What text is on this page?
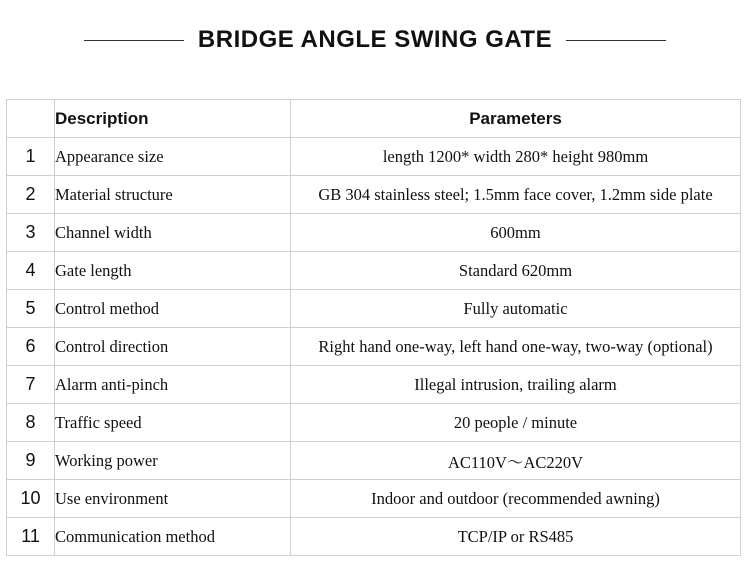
BRIDGE ANGLE SWING GATE
	Description	Parameters
1	Appearance size	length 1200* width 280* height 980mm
2	Material structure	GB 304 stainless steel; 1.5mm face cover, 1.2mm side plate
3	Channel width	600mm
4	Gate length	Standard 620mm
5	Control method	Fully automatic
6	Control direction	Right hand one-way, left hand one-way, two-way (optional)
7	Alarm anti-pinch	Illegal intrusion, trailing alarm
8	Traffic speed	20 people / minute
9	Working power	AC110V〜AC220V
10	Use environment	Indoor and outdoor (recommended awning)
11	Communication method	TCP/IP or RS485
